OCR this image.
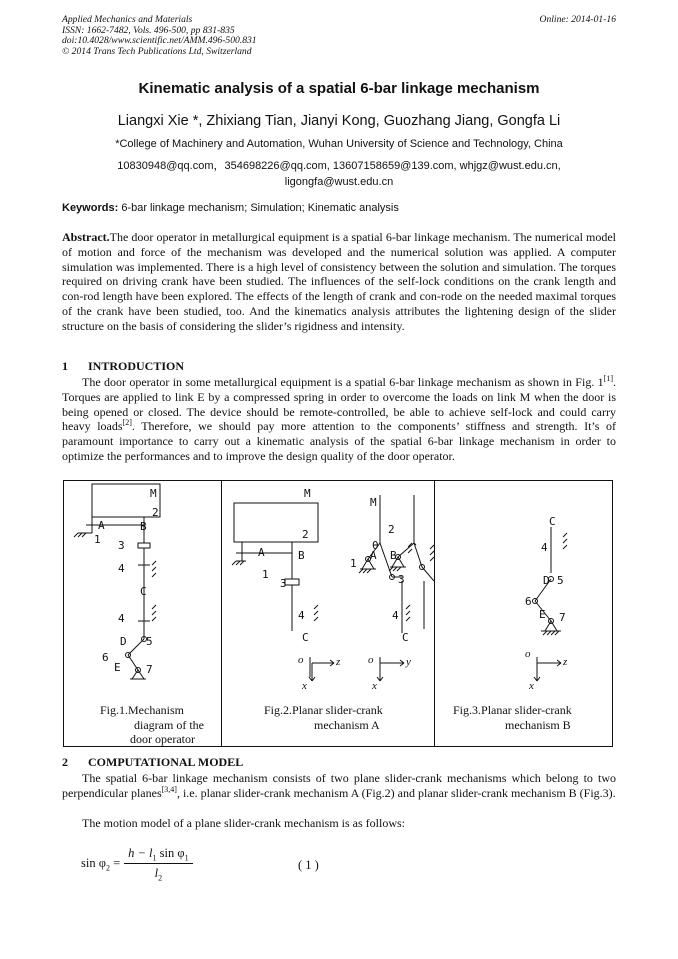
Applied Mechanics and Materials
ISSN: 1662-7482, Vols. 496-500, pp 831-835
doi:10.4028/www.scientific.net/AMM.496-500.831
© 2014 Trans Tech Publications Ltd, Switzerland
Online: 2014-01-16
Kinematic analysis of a spatial 6-bar linkage mechanism
Liangxi Xie *, Zhixiang Tian, Jianyi Kong, Guozhang Jiang, Gongfa Li
*College of Machinery and Automation, Wuhan University of Science and Technology, China
10830948@qq.com，354698226@qq.com, 13607158659@139.com, whjgz@wust.edu.cn,
ligongfa@wust.edu.cn
Keywords: 6-bar linkage mechanism; Simulation; Kinematic analysis
Abstract.The door operator in metallurgical equipment is a spatial 6-bar linkage mechanism. The numerical model of motion and force of the mechanism was developed and the numerical solution was applied. A computer simulation was implemented. There is a high level of consistency between the solution and simulation. The torques required on driving crank have been studied. The influences of the self-lock conditions on the crank length and con-rod length have been explored. The effects of the length of crank and con-rode on the needed maximal torques of the crank have been studied, too. And the kinematics analysis attributes the lightening design of the slider structure on the basis of considering the slider’s rigidness and intensity.
1 INTRODUCTION
The door operator in some metallurgical equipment is a spatial 6-bar linkage mechanism as shown in Fig. 1[1]. Torques are applied to link E by a compressed spring in order to overcome the loads on link M when the door is being opened or closed. The device should be remote-controlled, be able to achieve self-lock and could carry heavy loads[2]. Therefore, we should pay more attention to the components’ stiffness and strength. It’s of paramount importance to carry out a kinematic analysis of the spatial 6-bar linkage mechanism in order to optimize the performances and to improve the design quality of the door operator.
M
A	B
2
1 3
4
C
4
D 5
6
E 7
Fig.1.Mechanism
diagram of the
door operator
M
2
A	B
1
3
4
C
o	z
x
Fig.2.Planar slider-crank
mechanism A
M
2
θ
A B
1
3
4
C
o	y
x
C
4
D 5
6
E 7
o
z
x
Fig.3.Planar slider-crank
mechanism B
2 COMPUTATIONAL MODEL
The spatial 6-bar linkage mechanism consists of two plane slider-crank mechanisms which belong to two perpendicular planes[3,4], i.e. planar slider-crank mechanism A (Fig.2) and planar slider-crank mechanism B (Fig.3).
The motion model of a plane slider-crank mechanism is as follows:
$\sin \varphi_2$ =	$h - l_1$ $\sin \varphi_1$
$l_2$
( 1 )
